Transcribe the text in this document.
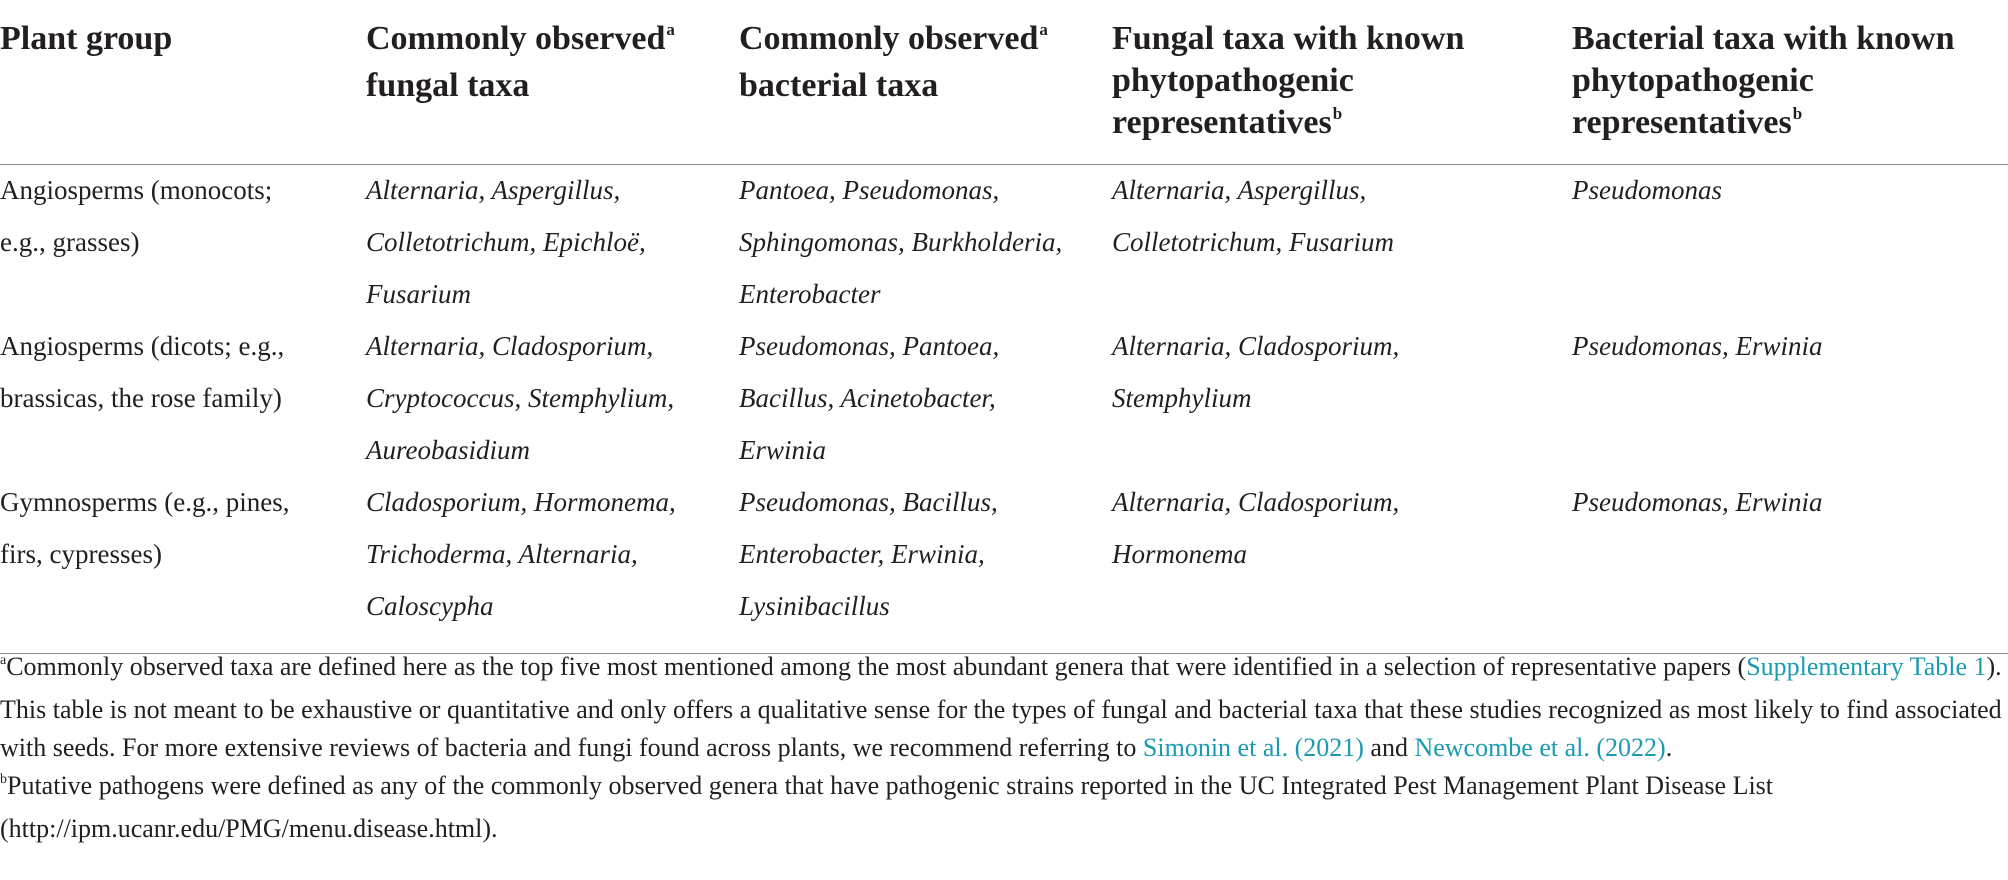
Plant group	Commonly observed$^a$
fungal taxa
Commonly observed$^a$
bacterial taxa
Fungal taxa with known
phytopathogenic
representatives$^b$
Bacterial taxa with known
phytopathogenic
representatives$^b$
Angiosperms (monocots;
e.g., grasses)
Alternaria, Aspergillus,
Colletotrichum, Epichloë,
Fusarium
Pantoea, Pseudomonas,
Sphingomonas, Burkholderia,
Enterobacter
Alternaria, Aspergillus,
Colletotrichum, Fusarium
Pseudomonas
Angiosperms (dicots; e.g.,
brassicas, the rose family)
Alternaria, Cladosporium,
Cryptococcus, Stemphylium,
Aureobasidium
Pseudomonas, Pantoea,
Bacillus, Acinetobacter,
Erwinia
Alternaria, Cladosporium,
Stemphylium
Pseudomonas, Erwinia
Gymnosperms (e.g., pines,
firs, cypresses)
Cladosporium, Hormonema,
Trichoderma, Alternaria,
Caloscypha
Pseudomonas, Bacillus,
Enterobacter, Erwinia,
Lysinibacillus
Alternaria, Cladosporium,
Hormonema
Pseudomonas, Erwinia

$^a$Commonly observed taxa are defined here as the top five most mentioned among the most abundant genera that were identified in a selection of representative papers (Supplementary Table 1). This table is not meant to be exhaustive or quantitative and only offers a qualitative sense for the types of fungal and bacterial taxa that these studies recognized as most likely to find associated with seeds. For more extensive reviews of bacteria and fungi found across plants, we recommend referring to Simonin et al. (2021) and Newcombe et al. (2022).

$^b$Putative pathogens were defined as any of the commonly observed genera that have pathogenic strains reported in the UC Integrated Pest Management Plant Disease List (http://ipm.ucanr.edu/PMG/menu.disease.html).
